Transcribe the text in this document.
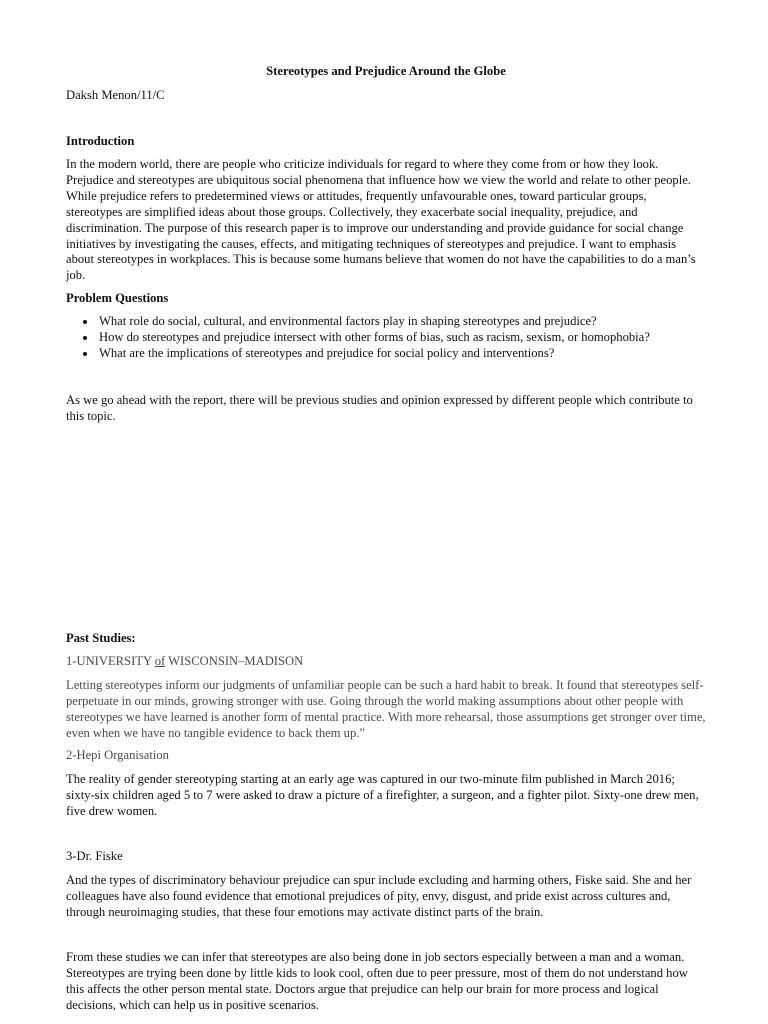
Stereotypes and Prejudice Around the Globe

Daksh Menon/11/C

Introduction

In the modern world, there are people who criticize individuals for regard to where they come from or how they look. Prejudice and stereotypes are ubiquitous social phenomena that influence how we view the world and relate to other people. While prejudice refers to predetermined views or attitudes, frequently unfavourable ones, toward particular groups, stereotypes are simplified ideas about those groups. Collectively, they exacerbate social inequality, prejudice, and discrimination. The purpose of this research paper is to improve our understanding and provide guidance for social change initiatives by investigating the causes, effects, and mitigating techniques of stereotypes and prejudice. I want to emphasis about stereotypes in workplaces. This is because some humans believe that women do not have the capabilities to do a man’s job.

Problem Questions

What role do social, cultural, and environmental factors play in shaping stereotypes and prejudice?
How do stereotypes and prejudice intersect with other forms of bias, such as racism, sexism, or homophobia?
What are the implications of stereotypes and prejudice for social policy and interventions?

As we go ahead with the report, there will be previous studies and opinion expressed by different people which contribute to this topic.

Past Studies:

1-UNIVERSITY of WISCONSIN–MADISON

Letting stereotypes inform our judgments of unfamiliar people can be such a hard habit to break. It found that stereotypes self-perpetuate in our minds, growing stronger with use. Going through the world making assumptions about other people with stereotypes we have learned is another form of mental practice. With more rehearsal, those assumptions get stronger over time, even when we have no tangible evidence to back them up.”

2-Hepi Organisation

The reality of gender stereotyping starting at an early age was captured in our two-minute film published in March 2016; sixty-six children aged 5 to 7 were asked to draw a picture of a firefighter, a surgeon, and a fighter pilot. Sixty-one drew men, five drew women.

3-Dr. Fiske

And the types of discriminatory behaviour prejudice can spur include excluding and harming others, Fiske said. She and her colleagues have also found evidence that emotional prejudices of pity, envy, disgust, and pride exist across cultures and, through neuroimaging studies, that these four emotions may activate distinct parts of the brain.

From these studies we can infer that stereotypes are also being done in job sectors especially between a man and a woman. Stereotypes are trying been done by little kids to look cool, often due to peer pressure, most of them do not understand how this affects the other person mental state. Doctors argue that prejudice can help our brain for more process and logical decisions, which can help us in positive scenarios.
